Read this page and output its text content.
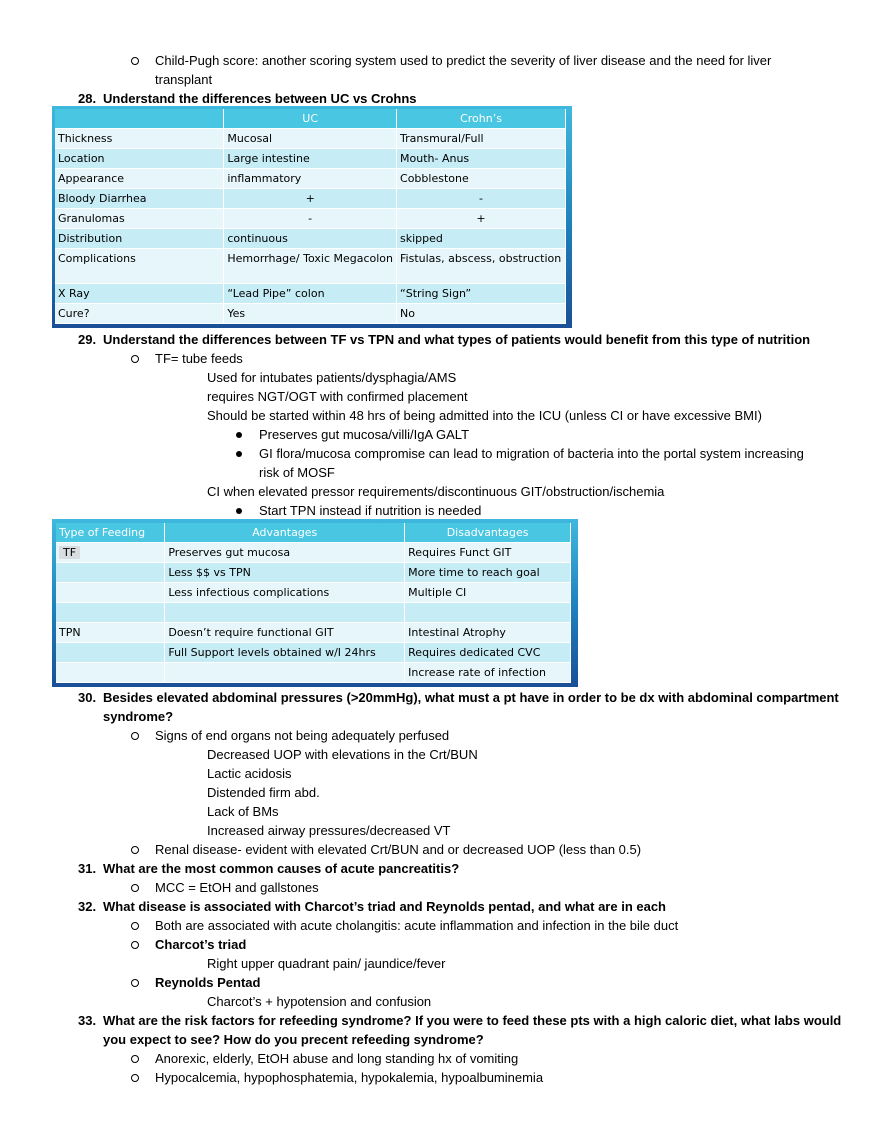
Child-Pugh score: another scoring system used to predict the severity of liver disease and the need for liver
transplant
28. Understand the differences between UC vs Crohns
	UC	Crohn’s
Thickness	Mucosal	Transmural/Full
Location	Large intestine	Mouth- Anus
Appearance	inflammatory	Cobblestone
Bloody Diarrhea	+	-
Granulomas	-	+
Distribution	continuous	skipped
Complications	Hemorrhage/ Toxic Megacolon	Fistulas, abscess, obstruction
X Ray	“Lead Pipe” colon	“String Sign”
Cure?	Yes	No
29. Understand the differences between TF vs TPN and what types of patients would benefit from this type of nutrition
TF= tube feeds
Used for intubates patients/dysphagia/AMS
requires NGT/OGT with confirmed placement
Should be started within 48 hrs of being admitted into the ICU (unless CI or have excessive BMI)
Preserves gut mucosa/villi/IgA GALT
GI flora/mucosa compromise can lead to migration of bacteria into the portal system increasing
risk of MOSF
CI when elevated pressor requirements/discontinuous GIT/obstruction/ischemia
Start TPN instead if nutrition is needed
Type of Feeding	Advantages	Disadvantages
TF	Preserves gut mucosa	Requires Funct GIT
	Less $$ vs TPN	More time to reach goal
	Less infectious complications	Multiple CI

TPN	Doesn’t require functional GIT	Intestinal Atrophy
	Full Support levels obtained w/I 24hrs	Requires dedicated CVC
		Increase rate of infection
30. Besides elevated abdominal pressures (>20mmHg), what must a pt have in order to be dx with abdominal compartment
syndrome?
Signs of end organs not being adequately perfused
Decreased UOP with elevations in the Crt/BUN
Lactic acidosis
Distended firm abd.
Lack of BMs
Increased airway pressures/decreased VT
Renal disease- evident with elevated Crt/BUN and or decreased UOP (less than 0.5)
31. What are the most common causes of acute pancreatitis?
MCC = EtOH and gallstones
32. What disease is associated with Charcot’s triad and Reynolds pentad, and what are in each
Both are associated with acute cholangitis: acute inflammation and infection in the bile duct
Charcot’s triad
Right upper quadrant pain/ jaundice/fever
Reynolds Pentad
Charcot’s + hypotension and confusion
33. What are the risk factors for refeeding syndrome? If you were to feed these pts with a high caloric diet, what labs would
you expect to see? How do you precent refeeding syndrome?
Anorexic, elderly, EtOH abuse and long standing hx of vomiting
Hypocalcemia, hypophosphatemia, hypokalemia, hypoalbuminemia
